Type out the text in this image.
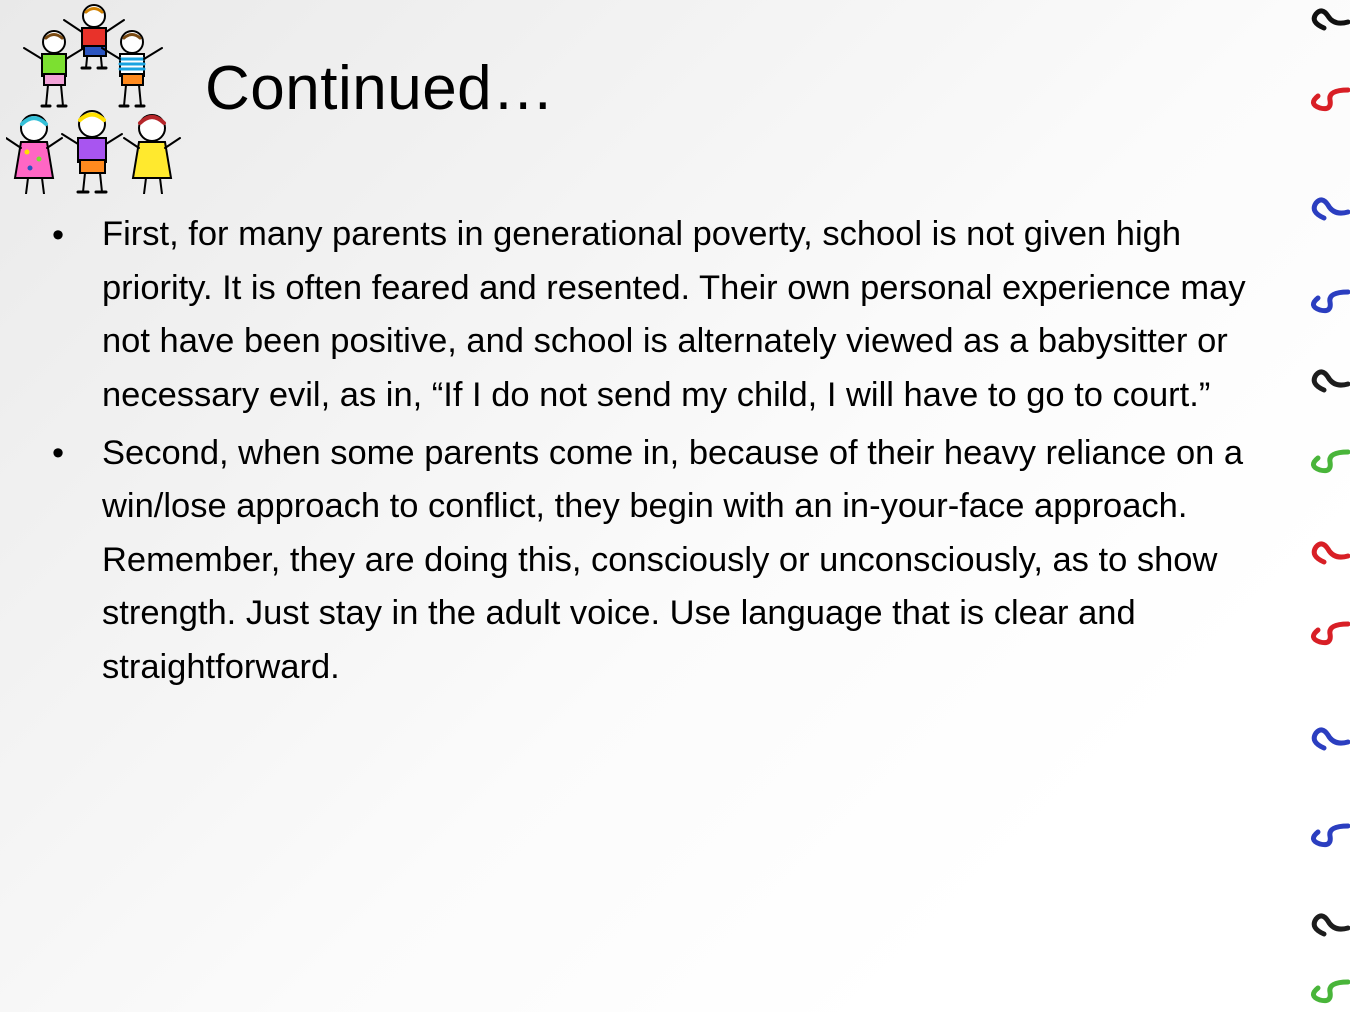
Continued…
• First, for many parents in generational poverty, school is not given high priority. It is often feared and resented. Their own personal experience may not have been positive, and school is alternately viewed as a babysitter or necessary evil, as in, “If I do not send my child, I will have to go to court.”
• Second, when some parents come in, because of their heavy reliance on a win/lose approach to conflict, they begin with an in-your-face approach. Remember, they are doing this, consciously or unconsciously, as to show strength. Just stay in the adult voice. Use language that is clear and straightforward.
